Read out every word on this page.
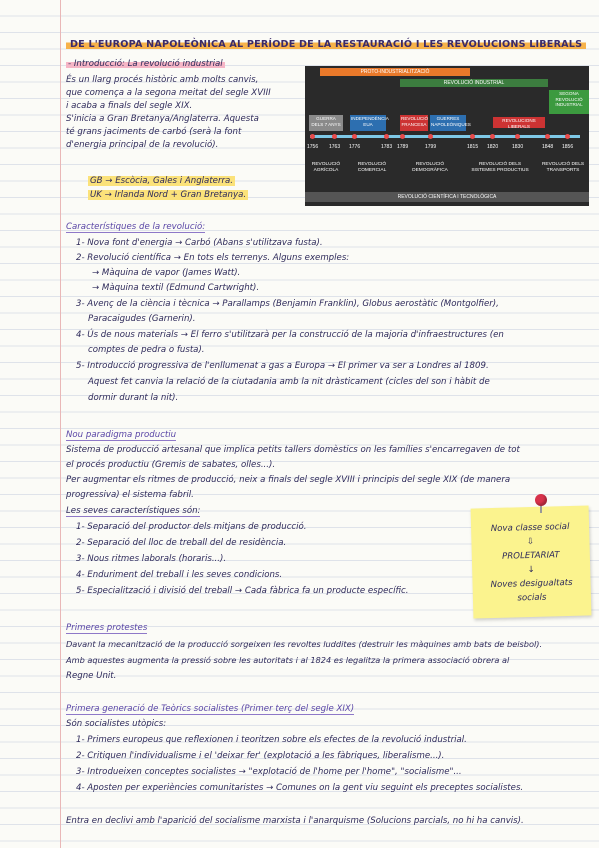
DE L'EUROPA NAPOLEÒNICA AL PERÍODE DE LA RESTAURACIÓ I LES REVOLUCIONS LIBERALS
- Introducció: La revolució industrial
És un llarg procés històric amb molts canvis,
que comença a la segona meitat del segle XVIII
i acaba a finals del segle XIX.
S'inicia a Gran Bretanya/Anglaterra. Aquesta
té grans jaciments de carbó (serà la font
d'energia principal de la revolució).
GB → Escòcia, Gales i Anglaterra.
UK → Irlanda Nord + Gran Bretanya.
PROTO-INDUSTRIALITZACIÓ
REVOLUCIÓ INDUSTRIAL
SEGONA REVOLUCIÓ INDUSTRIAL
GUERRA DELS 7 ANYS
INDEPENDÈNCIA EUA
REVOLUCIÓ FRANCESA
GUERRES NAPOLEÒNIQUES
REVOLUCIONS LIBERALS
1756 1763 1776	1783 1789	1799	1815 1820	1830	1848 1856
REVOLUCIÓ AGRÍCOLA
REVOLUCIÓ COMERCIAL
REVOLUCIÓ DEMOGRÀFICA
REVOLUCIÓ DELS SISTEMES PRODUCTIUS
REVOLUCIÓ DELS TRANSPORTS
REVOLUCIÓ CIENTÍFICA I TECNOLÒGICA
Característiques de la revolució:
1- Nova font d'energia → Carbó (Abans s'utilitzava fusta).
2- Revolució científica → En tots els terrenys. Alguns exemples:
→ Màquina de vapor (James Watt).
→ Màquina textil (Edmund Cartwright).
3- Avenç de la ciència i tècnica → Parallamps (Benjamin Franklin), Globus aerostàtic (Montgolfier),
Paracaigudes (Garnerin).
4- Ús de nous materials → El ferro s'utilitzarà per la construcció de la majoria d'infraestructures (en
comptes de pedra o fusta).
5- Introducció progressiva de l'enllumenat a gas a Europa → El primer va ser a Londres al 1809.
Aquest fet canvia la relació de la ciutadania amb la nit dràsticament (cicles del son i hàbit de
dormir durant la nit).
Nou paradigma productiu
Sistema de producció artesanal que implica petits tallers domèstics on les famílies s'encarregaven de tot
el procés productiu (Gremis de sabates, olles...).
Per augmentar els ritmes de producció, neix a finals del segle XVIII i principis del segle XIX (de manera
progressiva) el sistema fabril.
Les seves característiques són:
1- Separació del productor dels mitjans de producció.
2- Separació del lloc de treball del de residència.
3- Nous ritmes laborals (horaris...).
4- Enduriment del treball i les seves condicions.
5- Especialització i divisió del treball → Cada fàbrica fa un producte específic.
Nova classe social
⇩
PROLETARIAT
↓
Noves desigualtats
socials
Primeres protestes
Davant la mecanització de la producció sorgeixen les revoltes luddites (destruir les màquines amb bats de beisbol).
Amb aquestes augmenta la pressió sobre les autoritats i al 1824 es legalitza la primera associació obrera al
Regne Unit.
Primera generació de Teòrics socialistes (Primer terç del segle XIX)
Són socialistes utòpics:
1- Primers europeus que reflexionen i teoritzen sobre els efectes de la revolució industrial.
2- Critiquen l'individualisme i el 'deixar fer' (explotació a les fàbriques, liberalisme...).
3- Introdueixen conceptes socialistes → "explotació de l'home per l'home", "socialisme"...
4- Aposten per experiències comunitaristes → Comunes on la gent viu seguint els preceptes socialistes.
Entra en declivi amb l'aparició del socialisme marxista i l'anarquisme (Solucions parcials, no hi ha canvis).
